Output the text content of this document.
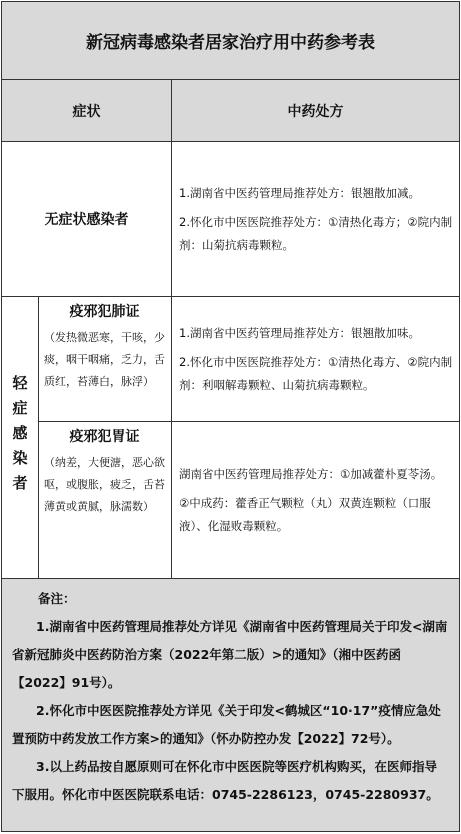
新冠病毒感染者居家治疗用中药参考表
症状	中药处方
无症状感染者

1.湖南省中医药管理局推荐处方：银翘散加减。

2.怀化市中医医院推荐处方：①清热化毒方；②院内制剂：山菊抗病毒颗粒。

轻症感染者
疫邪犯肺证
（发热微恶寒，干咳，少痰，咽干咽痛，乏力，舌质红，苔薄白，脉浮）

1.湖南省中医药管理局推荐处方：银翘散加味。

2.怀化市中医医院推荐处方：①清热化毒方、②院内制剂：利咽解毒颗粒、山菊抗病毒颗粒。

疫邪犯胃证
（纳差，大便溏，恶心欲呕，或腹胀，疲乏，舌苔薄黄或黄腻，脉濡数）

湖南省中医药管理局推荐处方：①加减藿朴夏苓汤。

②中成药：藿香正气颗粒（丸）双黄连颗粒（口服液）、化湿败毒颗粒。

备注：

1.湖南省中医药管理局推荐处方详见《湖南省中医药管理局关于印发<湖南省新冠肺炎中医药防治方案（2022年第二版）>的通知》（湘中医药函【2022】91号）。

2.怀化市中医医院推荐处方详见《关于印发<鹤城区“10·17”疫情应急处置预防中药发放工作方案>的通知》（怀办防控办发【2022】72号）。

3.以上药品按自愿原则可在怀化市中医医院等医疗机构购买，在医师指导下服用。怀化市中医医院联系电话：0745-2286123，0745-2280937。
